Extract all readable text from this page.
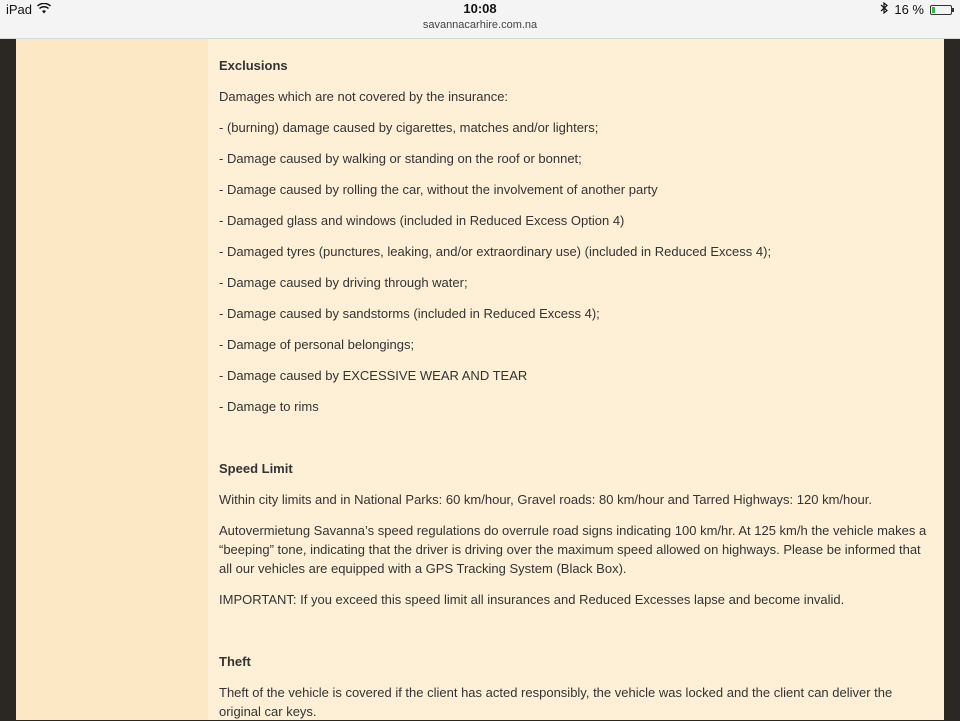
iPad	10:08	16 %
savannacarhire.com.na
Exclusions

Damages which are not covered by the insurance:

- (burning) damage caused by cigarettes, matches and/or lighters;

- Damage caused by walking or standing on the roof or bonnet;

- Damage caused by rolling the car, without the involvement of another party

- Damaged glass and windows (included in Reduced Excess Option 4)

- Damaged tyres (punctures, leaking, and/or extraordinary use) (included in Reduced Excess 4);

- Damage caused by driving through water;

- Damage caused by sandstorms (included in Reduced Excess 4);

- Damage of personal belongings;

- Damage caused by EXCESSIVE WEAR AND TEAR

- Damage to rims

Speed Limit

Within city limits and in National Parks: 60 km/hour, Gravel roads: 80 km/hour and Tarred Highways: 120 km/hour.

Autovermietung Savanna’s speed regulations do overrule road signs indicating 100 km/hr. At 125 km/h the vehicle makes a “beeping” tone, indicating that the driver is driving over the maximum speed allowed on highways. Please be informed that all our vehicles are equipped with a GPS Tracking System (Black Box).

IMPORTANT: If you exceed this speed limit all insurances and Reduced Excesses lapse and become invalid.

Theft

Theft of the vehicle is covered if the client has acted responsibly, the vehicle was locked and the client can deliver the original car keys.
